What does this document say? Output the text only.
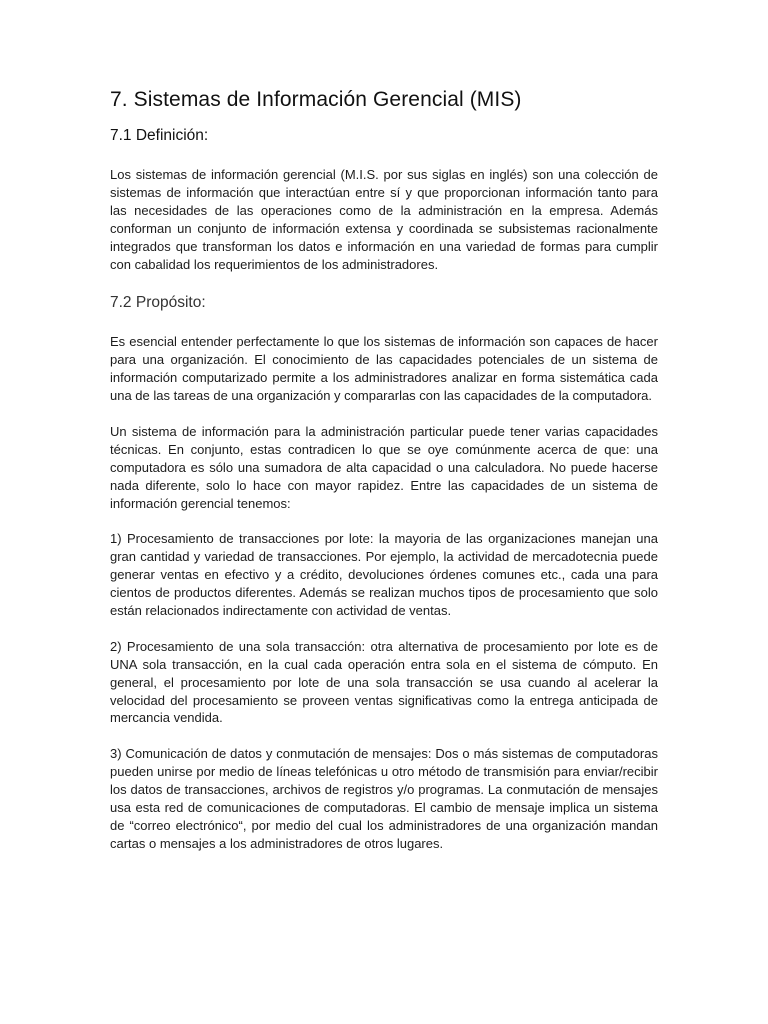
7. Sistemas de Información Gerencial (MIS)
7.1 Definición:

Los sistemas de información gerencial (M.I.S. por sus siglas en inglés) son una colección de sistemas de información que interactúan entre sí y que proporcionan información tanto para las necesidades de las operaciones como de la administración en la empresa. Además conforman un conjunto de información extensa y coordinada se subsistemas racionalmente integrados que transforman los datos e información en una variedad de formas para cumplir con cabalidad los requerimientos de los administradores.

7.2 Propósito:

Es esencial entender perfectamente lo que los sistemas de información son capaces de hacer para una organización. El conocimiento de las capacidades potenciales de un sistema de información computarizado permite a los administradores analizar en forma sistemática cada una de las tareas de una organización y compararlas con las capacidades de la computadora.

Un sistema de información para la administración particular puede tener varias capacidades técnicas. En conjunto, estas contradicen lo que se oye comúnmente acerca de que: una computadora es sólo una sumadora de alta capacidad o una calculadora. No puede hacerse nada diferente, solo lo hace con mayor rapidez. Entre las capacidades de un sistema de información gerencial tenemos:

1) Procesamiento de transacciones por lote: la mayoria de las organizaciones manejan una gran cantidad y variedad de transacciones. Por ejemplo, la actividad de mercadotecnia puede generar ventas en efectivo y a crédito, devoluciones órdenes comunes etc., cada una para cientos de productos diferentes. Además se realizan muchos tipos de procesamiento que solo están relacionados indirectamente con actividad de ventas.

2) Procesamiento de una sola transacción: otra alternativa de procesamiento por lote es de UNA sola transacción, en la cual cada operación entra sola en el sistema de cómputo. En general, el procesamiento por lote de una sola transacción se usa cuando al acelerar la velocidad del procesamiento se proveen ventas significativas como la entrega anticipada de mercancia vendida.

3) Comunicación de datos y conmutación de mensajes: Dos o más sistemas de computadoras pueden unirse por medio de líneas telefónicas u otro método de transmisión para enviar/recibir los datos de transacciones, archivos de registros y/o programas. La conmutación de mensajes usa esta red de comunicaciones de computadoras. El cambio de mensaje implica un sistema de “correo electrónico“, por medio del cual los administradores de una organización mandan cartas o mensajes a los administradores de otros lugares.
